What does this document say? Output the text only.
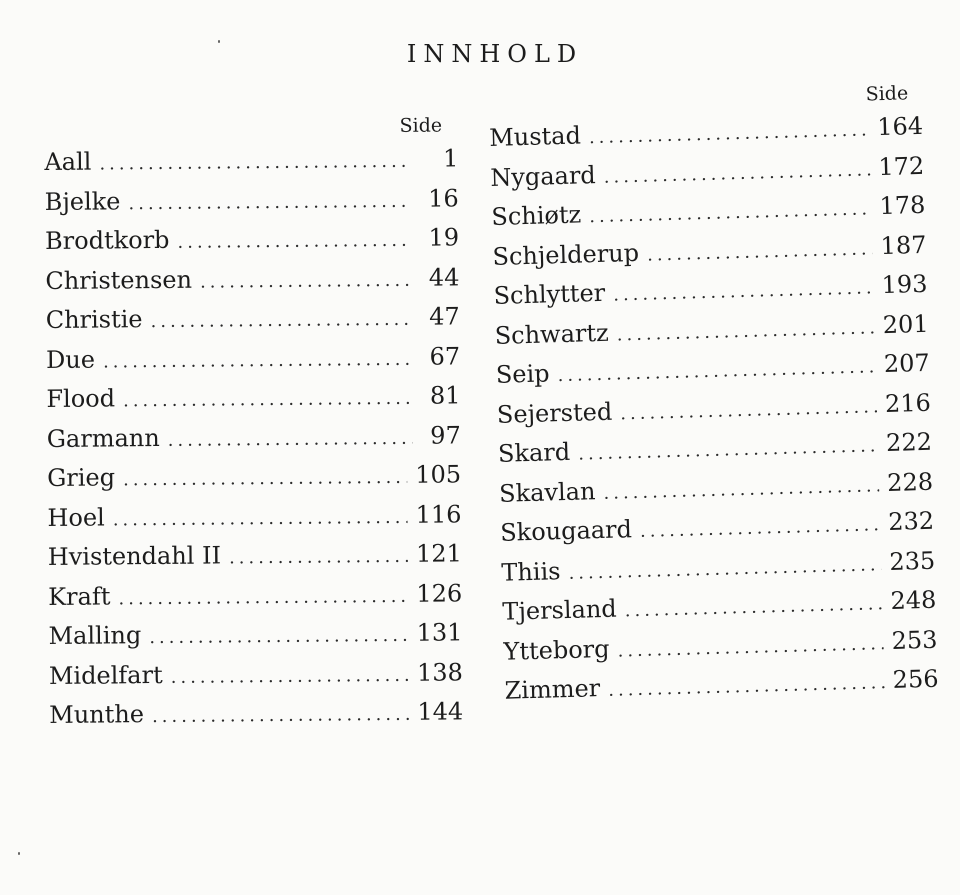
INNHOLD
Side
Aall .....	1
Bjelke .....	16
Brodtkorb .....	19
Christensen .....	44
Christie .....	47
Due .....	67
Flood .....	81
Garmann .....	97
Grieg .....	105
Hoel .....	116
Hvistendahl II .....	121
Kraft .....	126
Malling .....	131
Midelfart .....	138
Munthe .....	144
Side
Mustad .....	164
Nygaard .....	172
Schiøtz .....	178
Schjelderup .....	187
Schlytter .....	193
Schwartz .....	201
Seip .....	207
Sejersted .....	216
Skard .....	222
Skavlan .....	228
Skougaard .....	232
Thiis .....	235
Tjersland .....	248
Ytteborg .....	253
Zimmer .....	256
